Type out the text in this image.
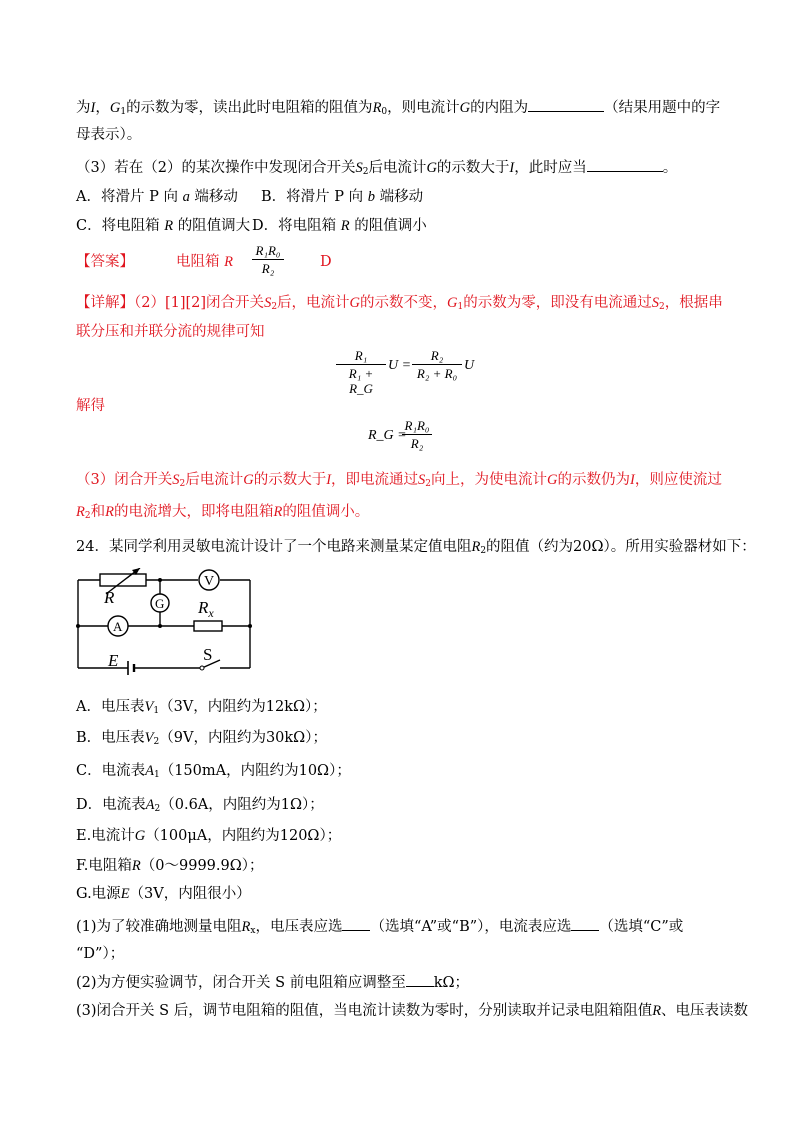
为I，$G_1$的示数为零，读出此时电阻箱的阻值为$R_0$，则电流计G的内阻为	（结果用题中的字
母表示）。
（3）若在（2）的某次操作中发现闭合开关$S_2$后电流计G的示数大于I，此时应当	。
A．将滑片 P 向 a 端移动 B．将滑片 P 向 b 端移动
C．将电阻箱 R 的阻值调大 D．将电阻箱 R 的阻值调小
【答案】	电阻箱 R
R₁R₀
R₂	D
【详解】（2）[1][2]闭合开关$S_2$后，电流计G的示数不变，$G_1$的示数为零，即没有电流通过$S_2$，根据串
联分压和并联分流的规律可知
R₁
R₁ + R_G
U =
R₂
R₂ + R₀
U
解得
R_G =
R₁R₀
R₂
（3）闭合开关$S_2$后电流计G的示数大于I，即电流通过$S_2$向上，为使电流计G的示数仍为I，则应使流过
$R_2$和R的电流增大，即将电阻箱R的阻值调小。
24．某同学利用灵敏电流计设计了一个电路来测量某定值电阻$R_2$的阻值（约为20Ω）。所用实验器材如下：
R
V
G $R_x$
A
E	S
A．电压表$V_1(3V$，内阻约为12kΩ）；
B．电压表$V_2(9V$，内阻约为30kΩ）；
C．电流表$A_1(150mA$，内阻约为10Ω）；
D．电流表$A_2(0.6A$，内阻约为1Ω）；
E.电流计G（100μA，内阻约为120Ω）；
F.电阻箱R（0～9999.9Ω）；
G.电源E（3V，内阻很小）
(1)为了较准确地测量电阻$R_x$，电压表应选 （选填“A”或“B”），电流表应选 （选填“C”或
“D”）；
(2)为方便实验调节，闭合开关 S 前电阻箱应调整至 kΩ；
(3)闭合开关 S 后，调节电阻箱的阻值，当电流计读数为零时，分别读取并记录电阻箱阻值R、电压表读数
